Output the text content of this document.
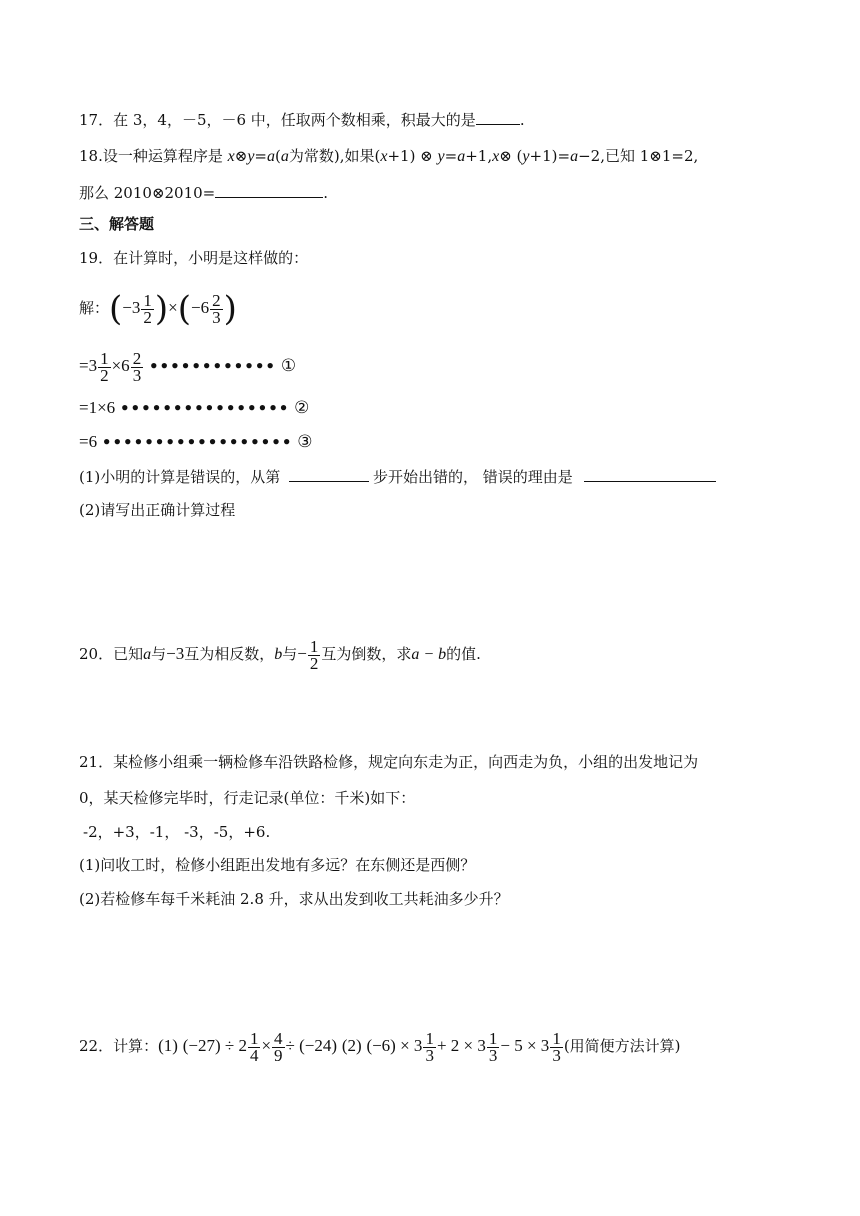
17．在 3，4，－5，－6 中，任取两个数相乘，积最大的是	.
18.设一种运算程序是 x⊗y=a(a为常数),如果(x+1) ⊗ y=a+1,x⊗ (y+1)=a−2,已知 1⊗1=2,
那么 2010⊗2010=	.
三、解答题
19．在计算时，小明是这样做的：
解：$(-3 \frac{1}{2} )\times(-6 \frac{2}{3}$ )
$=3 \frac{1}{2} \times 6 \frac{2}{3}$ •••••••••••• ①
=1×6 •••••••••••••••• ②
=6 •••••••••••••••••• ③
(1)小明的计算是错误的，从第	步开始出错的， 错误的理由是
(2)请写出正确计算过程
20．已知a与−3互为相反数，b与− $\frac{1}{2}$ 互为倒数，求a − b的值.
21．某检修小组乘一辆检修车沿铁路检修，规定向东走为正，向西走为负，小组的出发地记为
0，某天检修完毕时，行走记录(单位：千米)如下：
-2，+3，-1， -3，-5，+6.
(1)问收工时，检修小组距出发地有多远？在东侧还是西侧？
(2)若检修车每千米耗油 2.8 升，求从出发到收工共耗油多少升？
22．计算：(1) $(-27) \div 2 \frac{1}{4} \times \frac{4}{9} \div (-24)$ (2) $(-6) \times 3 \frac{1}{3} + 2 \times 3 \frac{1}{3} - 5 \times 3 \frac{1}{3}$ (用简便方法计算)
